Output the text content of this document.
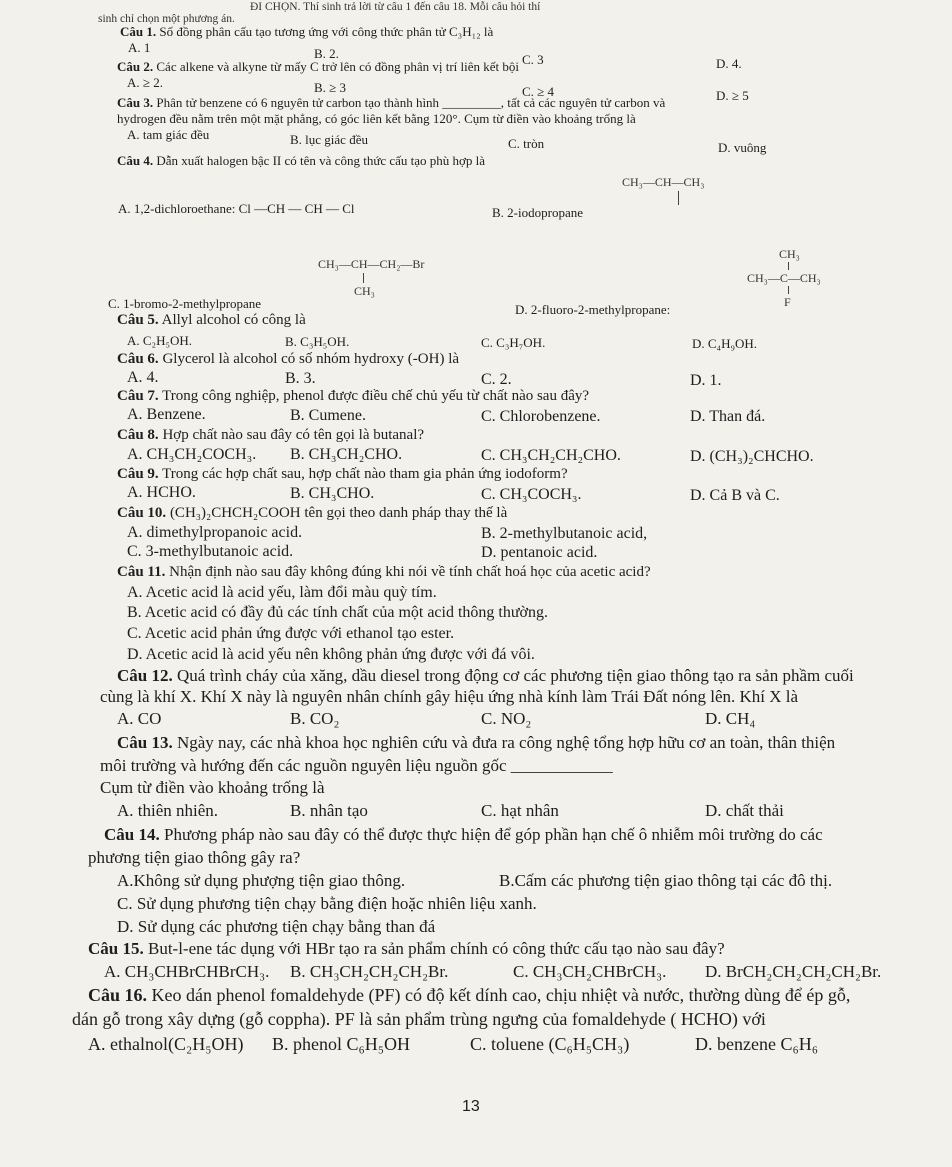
ĐI CHỌN. Thí sinh trả lời từ câu 1 đến câu 18. Mỗi câu hỏi thí
sinh chỉ chọn một phương án.
Câu 1. Số đồng phân cấu tạo tương ứng với công thức phân tử C₃H₁₂ là
A. 1	B. 2.	C. 3	D. 4.
Câu 2. Các alkene và alkyne từ mấy C trở lên có đồng phân vị trí liên kết bội
A. ≥ 2.	B. ≥ 3	C. ≥ 4	D. ≥ 5
Câu 3. Phân tử benzene có 6 nguyên tử carbon tạo thành hình _________, tất cả các nguyên tử carbon và
hydrogen đều nằm trên một mặt phẳng, có góc liên kết bằng 120°. Cụm từ điền vào khoảng trống là
A. tam giác đều	B. lục giác đều	C. tròn	D. vuông
Câu 4. Dẫn xuất halogen bậc II có tên và công thức cấu tạo phù hợp là
A. 1,2-dichloroethane: Cl —CH — CH — Cl	B. 2-iodopropane
CH₃—CH—CH₃
CH₃—CH—CH₂—Br
CH₃
CH₃
CH₃—C—CH₃
F
C. 1-bromo-2-methylpropane	D. 2-fluoro-2-methylpropane:
Câu 5. Allyl alcohol có công là
A. C₂H₅OH.	B. C₃H₅OH.	C. C₃H₇OH.	D. C₄H₉OH.
Câu 6. Glycerol là alcohol có số nhóm hydroxy (-OH) là
A. 4.	B. 3.	C. 2.	D. 1.
Câu 7. Trong công nghiệp, phenol được điều chế chủ yếu từ chất nào sau đây?
A. Benzene.	B. Cumene.	C. Chlorobenzene.	D. Than đá.
Câu 8. Hợp chất nào sau đây có tên gọi là butanal?
A. CH₃CH₂COCH₃. B. CH₃CH₂CHO.	C. CH₃CH₂CH₂CHO.	D. (CH₃)₂CHCHO.
Câu 9. Trong các hợp chất sau, hợp chất nào tham gia phản ứng iodoform?
A. HCHO.	B. CH₃CHO.	C. CH₃COCH₃.	D. Cả B và C.
Câu 10. (CH₃)₂CHCH₂COOH tên gọi theo danh pháp thay thế là
A. dimethylpropanoic acid.	B. 2-methylbutanoic acid,
C. 3-methylbutanoic acid.	D. pentanoic acid.
Câu 11. Nhận định nào sau đây không đúng khi nói về tính chất hoá học của acetic acid?
A. Acetic acid là acid yếu, làm đổi màu quỳ tím.
B. Acetic acid có đầy đủ các tính chất của một acid thông thường.
C. Acetic acid phản ứng được với ethanol tạo ester.
D. Acetic acid là acid yếu nên không phản ứng được với đá vôi.
Câu 12. Quá trình cháy của xăng, dầu diesel trong động cơ các phương tiện giao thông tạo ra sản phầm cuối
cùng là khí X. Khí X này là nguyên nhân chính gây hiệu ứng nhà kính làm Trái Đất nóng lên. Khí X là
A. CO	B. CO₂	C. NO₂	D. CH₄
Câu 13. Ngày nay, các nhà khoa học nghiên cứu và đưa ra công nghệ tổng hợp hữu cơ an toàn, thân thiện
môi trường và hướng đến các nguồn nguyên liệu nguồn gốc ____________
Cụm từ điền vào khoảng trống là
A. thiên nhiên.	B. nhân tạo	C. hạt nhân	D. chất thải
Câu 14. Phương pháp nào sau đây có thể được thực hiện để góp phần hạn chế ô nhiễm môi trường do các
phương tiện giao thông gây ra?
A.Không sử dụng phượng tiện giao thông.	B.Cấm các phương tiện giao thông tại các đô thị.
C. Sử dụng phương tiện chạy bằng điện hoặc nhiên liệu xanh.
D. Sử dụng các phương tiện chạy bằng than đá
Câu 15. But-l-ene tác dụng với HBr tạo ra sản phẩm chính có công thức cấu tạo nào sau đây?
A. CH₃CHBrCHBrCH₃. B. CH₃CH₂CH₂CH₂Br.	C. CH₃CH₂CHBrCH₃. D. BrCH₂CH₂CH₂CH₂Br.
Câu 16. Keo dán phenol fomaldehyde (PF) có độ kết dính cao, chịu nhiệt và nước, thường dùng để ép gỗ,
dán gỗ trong xây dựng (gỗ coppha). PF là sản phẩm trùng ngưng của fomaldehyde ( HCHO) với
A. ethalnol(C₂H₅OH) B. phenol C₆H₅OH	C. toluene (C₆H₅CH₃)	D. benzene C₆H₆
13
